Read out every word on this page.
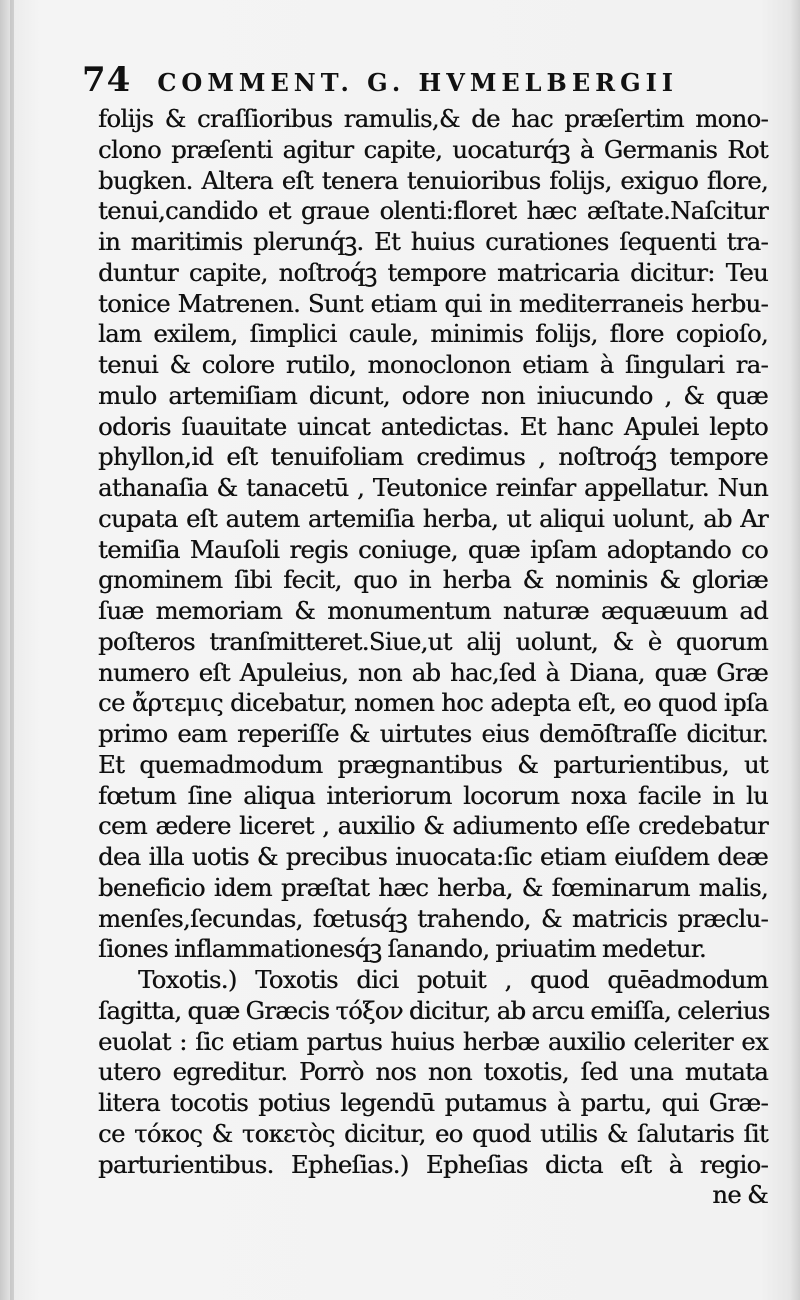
74 COMMENT. G. HVMELBERGII
folijs & craſſioribus ramulis,& de hac præſertim mono-
clono præſenti agitur capite, uocaturq́ꝫ à Germanis Rot
bugken. Altera eſt tenera tenuioribus folijs, exiguo flore,
tenui,candido et graue olenti:floret hæc æſtate.Naſcitur
in maritimis plerunq́ꝫ. Et huius curationes ſequenti tra-
duntur capite, noſtroq́ꝫ tempore matricaria dicitur: Teu
tonice Matrenen. Sunt etiam qui in mediterraneis herbu-
lam exilem, ſimplici caule, minimis folijs, flore copioſo,
tenui & colore rutilo, monoclonon etiam à ſingulari ra-
mulo artemiſiam dicunt, odore non iniucundo , & quæ
odoris ſuauitate uincat antedictas. Et hanc Apulei lepto
phyllon,id eſt tenuifoliam credimus , noſtroq́ꝫ tempore
athanaſia & tanacetū , Teutonice reinfar appellatur. Nun
cupata eſt autem artemiſia herba, ut aliqui uolunt, ab Ar
temiſia Mauſoli regis coniuge, quæ ipſam adoptando co
gnominem ſibi fecit, quo in herba & nominis & gloriæ
ſuæ memoriam & monumentum naturæ æquæuum ad
poſteros tranſmitteret.Siue,ut alij uolunt, & è quorum
numero eſt Apuleius, non ab hac,ſed à Diana, quæ Græ
ce ἄρτεμις dicebatur, nomen hoc adepta eſt, eo quod ipſa
primo eam reperiſſe & uirtutes eius demōſtraſſe dicitur.
Et quemadmodum prægnantibus & parturientibus, ut
fœtum ſine aliqua interiorum locorum noxa facile in lu
cem ædere liceret , auxilio & adiumento eſſe credebatur
dea illa uotis & precibus inuocata:ſic etiam eiuſdem deæ
beneficio idem præſtat hæc herba, & fœminarum malis,
menſes,ſecundas, fœtusq́ꝫ trahendo, & matricis præclu-
ſiones inflammationesq́ꝫ ſanando, priuatim medetur.
Toxotis.) Toxotis dici potuit , quod quēadmodum
ſagitta, quæ Græcis τόξον dicitur, ab arcu emiſſa, celerius
euolat : ſic etiam partus huius herbæ auxilio celeriter ex
utero egreditur. Porrò nos non toxotis, ſed una mutata
litera tocotis potius legendū putamus à partu, qui Græ-
ce τόκος & τοκετὸς dicitur, eo quod utilis & ſalutaris ſit
parturientibus. Epheſias.) Epheſias dicta eſt à regio-
ne &
